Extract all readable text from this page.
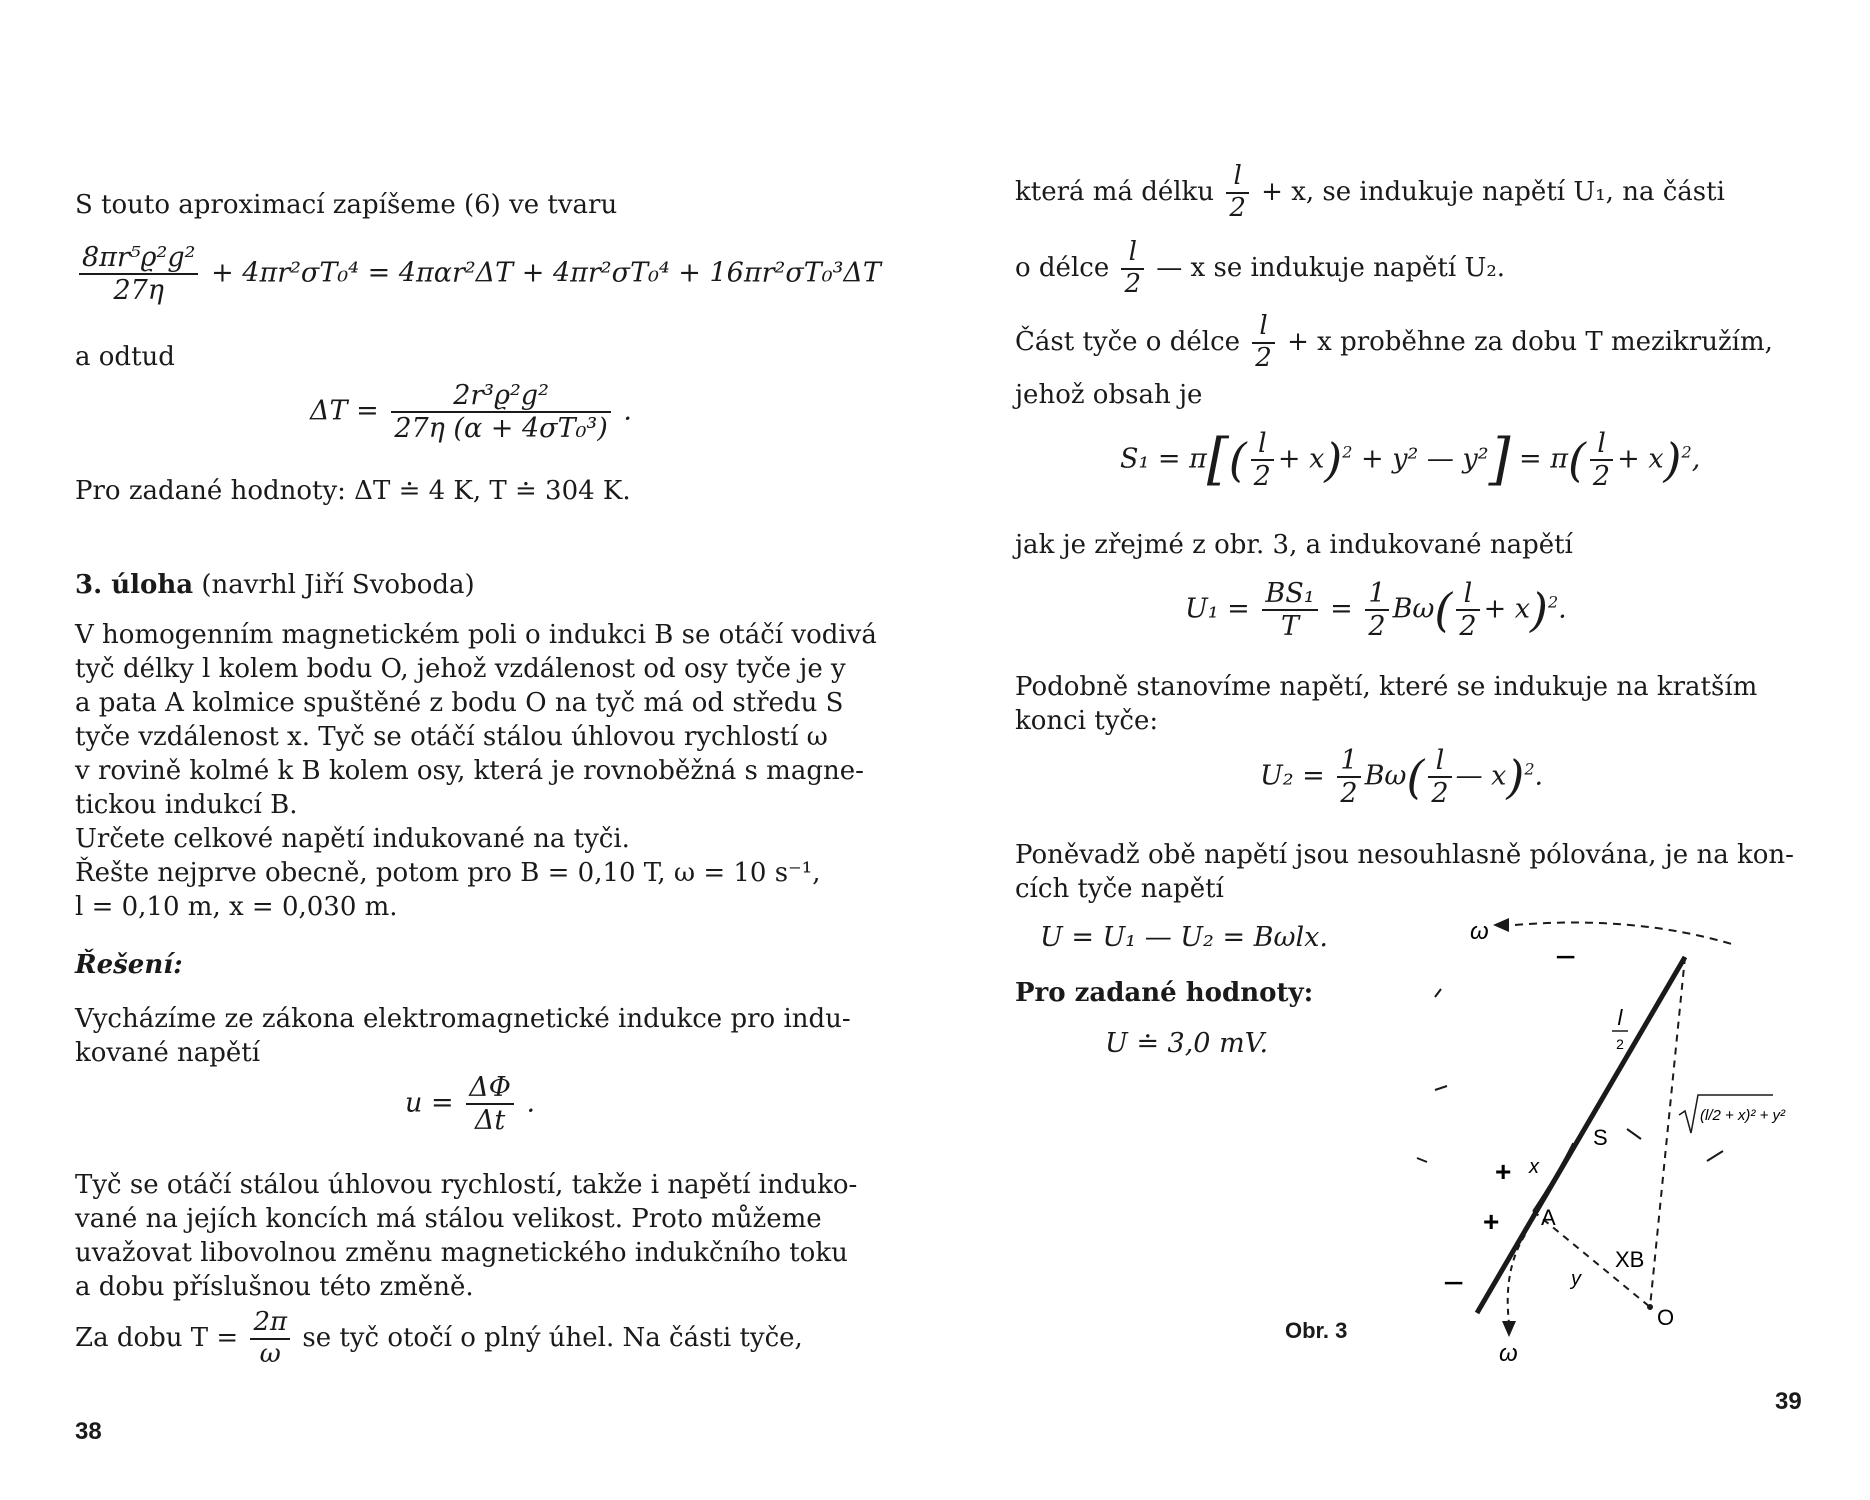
S touto aproximací zapíšeme (6) ve tvaru
$\frac{\text{8πr⁵ϱ²g²}}{27\eta} + 4\pi r^2\sigma T_0^4 = 4\pi\alpha r^2\Delta T + 4\pi r^2\sigma T_0^4 + 16\pi r^2\sigma T_0^3\Delta T$
a odtud
$\Delta T = \frac{\text{2r³ϱ²g²}}{\text{27η (α + 4σT₀³)}}$ .
Pro zadané hodnoty: ΔT ≐ 4 K, T ≐ 304 K.
3. úloha (navrhl Jiří Svoboda)
V homogenním magnetickém poli o indukci B se otáčí vodivá
tyč délky l kolem bodu O, jehož vzdálenost od osy tyče je y
a pata A kolmice spuštěné z bodu O na tyč má od středu S
tyče vzdálenost x. Tyč se otáčí stálou úhlovou rychlostí ω
v rovině kolmé k B kolem osy, která je rovnoběžná s magne-
tickou indukcí B.
Určete celkové napětí indukované na tyči.
Řešte nejprve obecně, potom pro B = 0,10 T, ω = 10 s⁻¹,
l = 0,10 m, x = 0,030 m.
Řešení:
Vycházíme ze zákona elektromagnetické indukce pro indu-
kované napětí
$u = \frac{\Delta\Phi}{\Delta t}$ .
Tyč se otáčí stálou úhlovou rychlostí, takže i napětí induko-
vané na jejích koncích má stálou velikost. Proto můžeme
uvažovat libovolnou změnu magnetického indukčního toku
a dobu příslušnou této změně.
Za dobu $T = \frac{2\pi}{\omega}$ se tyč otočí o plný úhel. Na části tyče,
38
která má délku $\frac{l}{2} + x$, se indukuje napětí U₁, na části
o délce $\frac{l}{2}$ — x se indukuje napětí U₂.
Část tyče o délce $\frac{l}{2} + x$ proběhne za dobu T mezikružím,
jehož obsah je
$S_1 = \pi[( \frac{l}{2} + x)^2 + y^2$ — $y^2] = \pi( \frac{l}{2} + x)^2$,
jak je zřejmé z obr. 3, a indukované napětí
$U_1 = \frac{\text{BS₁}}{T} = \frac{1}{2} B\omega( \frac{l}{2} + x)^2$.
Podobně stanovíme napětí, které se indukuje na kratším
konci tyče:
$U_2 = \frac{1}{2} B\omega( \frac{l}{2}$ — x)$^2$.
Poněvadž obě napětí jsou nesouhlasně pólována, je na kon-
cích tyče napětí
U = U₁ — U₂ = Bωlx.
Pro zadané hodnoty:
U ≐ 3,0 mV.
ω
−
−
ω
l
2
(l/2 + x)² + y²
S
x
A
+
+
XB
y
O
Obr. 3
39
